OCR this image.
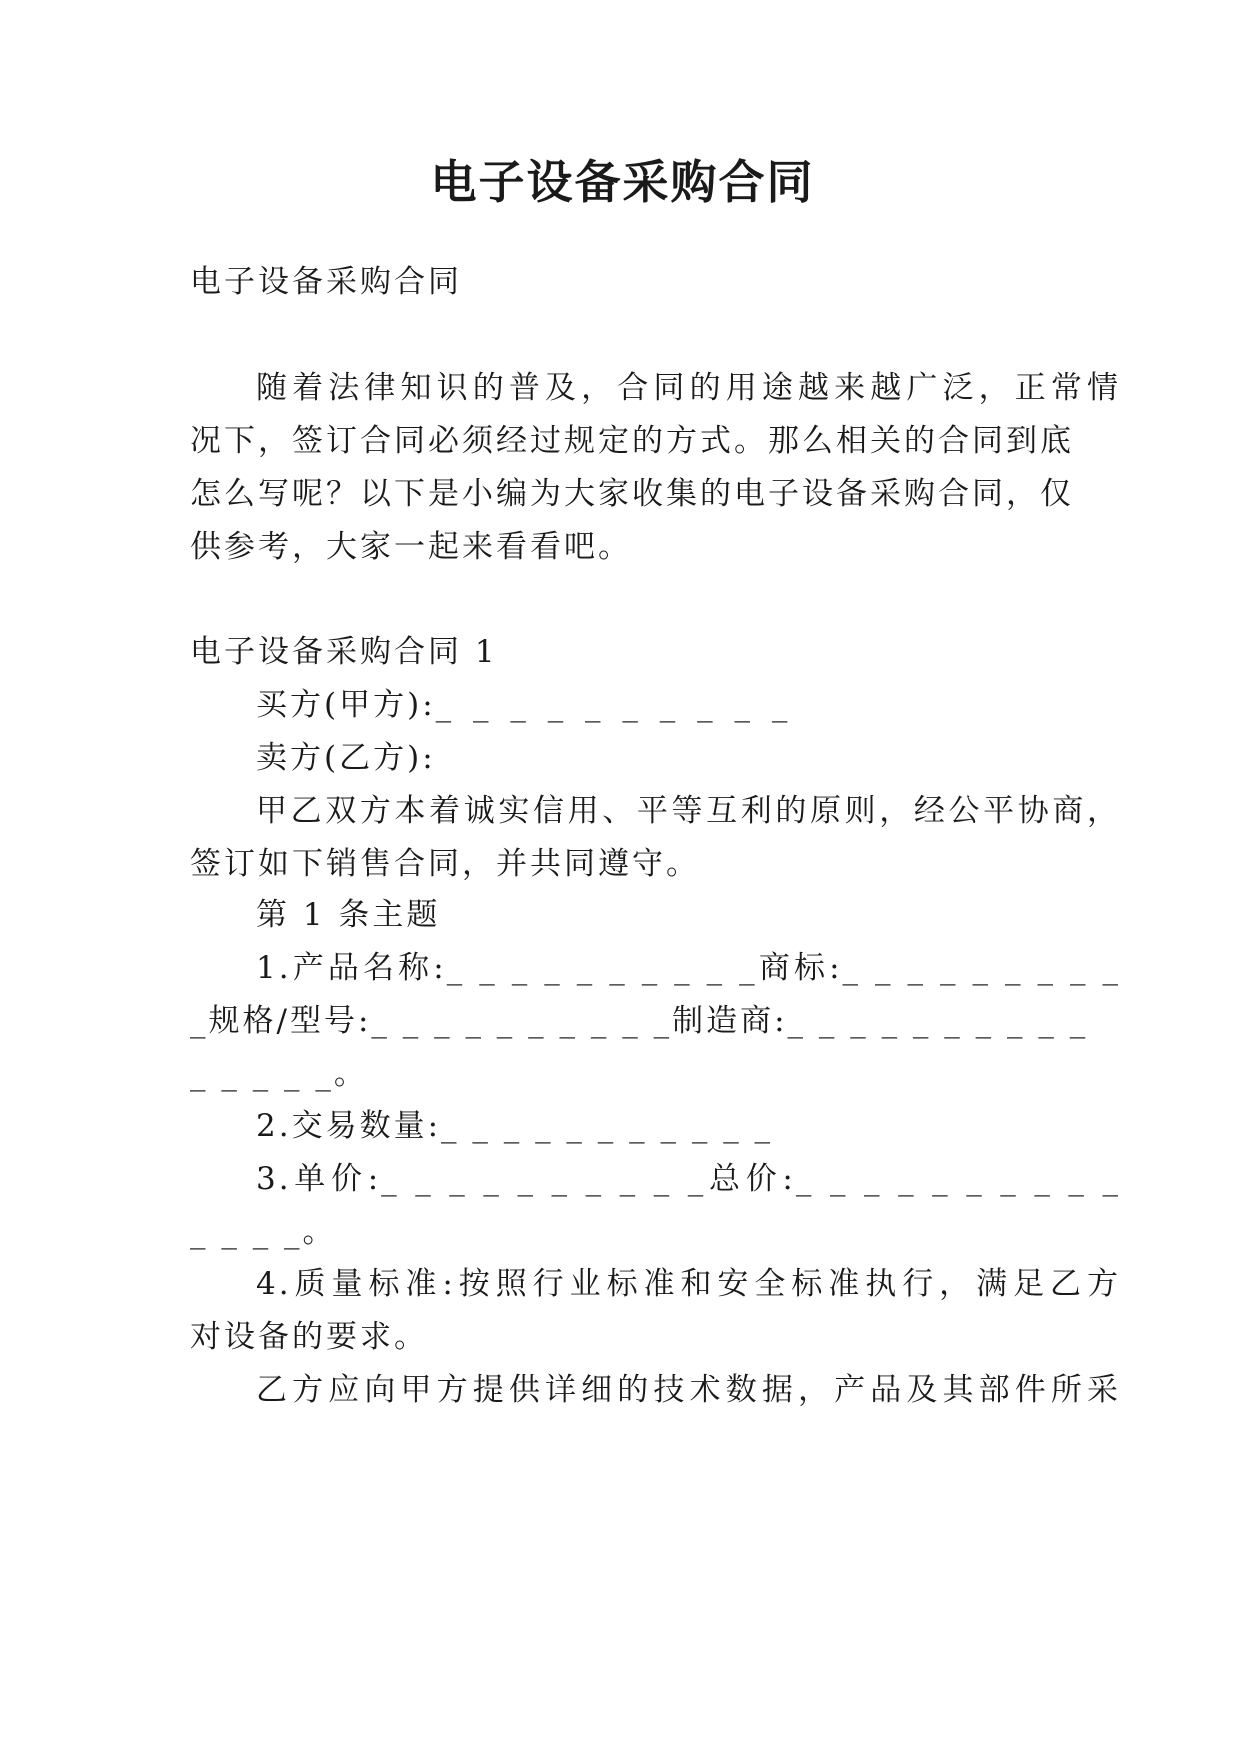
电子设备采购合同

电子设备采购合同

随着法律知识的普及，合同的用途越来越广泛，正常情

况下，签订合同必须经过规定的方式。那么相关的合同到底

怎么写呢？以下是小编为大家收集的电子设备采购合同，仅

供参考，大家一起来看看吧。

电子设备采购合同 1

买方(甲方):_ _ _ _ _ _ _ _ _ _

卖方(乙方):

甲乙双方本着诚实信用、平等互利的原则，经公平协商，

签订如下销售合同，并共同遵守。

第 1 条主题

1.产品名称:_ _ _ _ _ _ _ _ _ _商标:_ _ _ _ _ _ _ _ _

_规格/型号:_ _ _ _ _ _ _ _ _ _制造商:_ _ _ _ _ _ _ _ _ _

_ _ _ _ _。

2.交易数量:_ _ _ _ _ _ _ _ _ _ _

3.单价:_ _ _ _ _ _ _ _ _ _总价:_ _ _ _ _ _ _ _ _ _

_ _ _ _。

4.质量标准:按照行业标准和安全标准执行，满足乙方

对设备的要求。

乙方应向甲方提供详细的技术数据，产品及其部件所采
